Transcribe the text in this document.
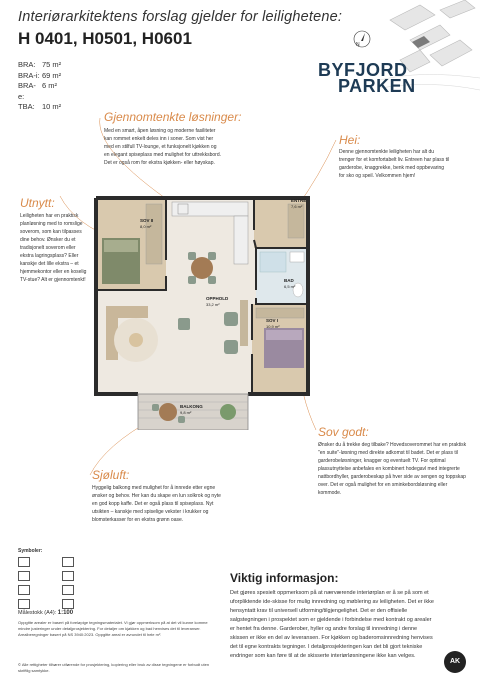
Interiørarkitektens forslag gjelder for leilighetene:
H 0401, H0501, H0601
BRA: 75 m²
BRA-i: 69 m²
BRA-e:
6 m²
TBA: 10 m²
N
BYFJORD
PARKEN
Gjennomtenkte løsninger:
Med en smart, åpen løsning og moderne fasiliteter kan rommet enkelt deles inn i soner. Som vist her med en stilfull TV-lounge, et funksjonelt kjøkken og en elegant spiseplass med mulighet for uttrekksbord. Det er også rom for ekstra kjøkken- eller høyskap.
Hei:
Denne gjennomtenkte leiligheten har alt du trenger for et komfortabelt liv. Entreen har plass til garderobe, knaggrekke, benk med oppbevaring for sko og speil. Velkommen hjem!
Utnytt:
Leiligheten har en praktisk planløsning med to romslige soverom, som kan tilpasses dine behov. Ønsker du et tradisjonelt soverom eller ekstra lagringsplass? Eller kanskje det lille ekstra – et hjemmekontor eller en koselig TV-stue? Alt er gjennomtenkt!
Sov godt:
Ønsker du å trekke deg tilbake? Hovedsoverommet har en praktisk "en suite"-løsning med direkte adkomst til badet. Det er plass til garderobeløsninger, knagger og eventuelt TV. For optimal plassutnyttelse anbefales en kombinert hodegavl med integrerte nattbordhyller, garderobeskap på hver side av sengen og toppskap over. Det er også mulighet for en sminkebordsløsning eller kommode.
Sjøluft:
Hyggelig balkong med mulighet for å innrede etter egne ønsker og behov. Her kan du skape en lun solkrok og nyte en god kopp kaffe. Det er også plass til spiseplass. Nyt utsikten – kanskje med spiselige vekster i krukker og blomsterkasser for en ekstra grønn oase.
SOV II
8,0 m²
ENTRE
7,6 m²
BAD
6,5 m²
OPPHOLD
33,2 m²
SOV I
10,9 m²
BALKONG
9,8 m²
Symboler:
Målestokk (A4): 1:100
Oppgitte arealer er basert på foreløpige tegningsmaterialet. Vi gjør oppmerksom på at det vil kunne komme mindre justeringer under detaljprosjektering. For detaljer om kjøkken og bad henvises det til leveranser. Arealberegninger basert på NS 3940:2023. Oppgitte areal er avrundet til hele m².
© Alle rettigheter tilhører utførende for prosjektering, kopiering eller bruk av disse tegningene er forbudt uten skriftlig samtykke.
Viktig informasjon:
Det gjøres spesielt oppmerksom på at nærværende interiørplan er å se på som et uforpliktende ide-skisse for mulig innredning og møblering av leiligheten. Det er ikke hensyntatt krav til universell utforming/tilgjengelighet. Det er den offisielle salgstegningen i prospektet som er gjeldende i forbindelse med kontrakt og arealer er hentet fra denne. Garderober, hyller og andre forslag til innredning i denne skissen er ikke en del av leveransen. For kjøkken og baderomsinnredning henvises det til egne kontrakts tegninger. I detaljprosjekteringen kan det bli gjort tekniske endringer som kan føre til at de skisserte interiørløsningene ikke kan velges.
AK
